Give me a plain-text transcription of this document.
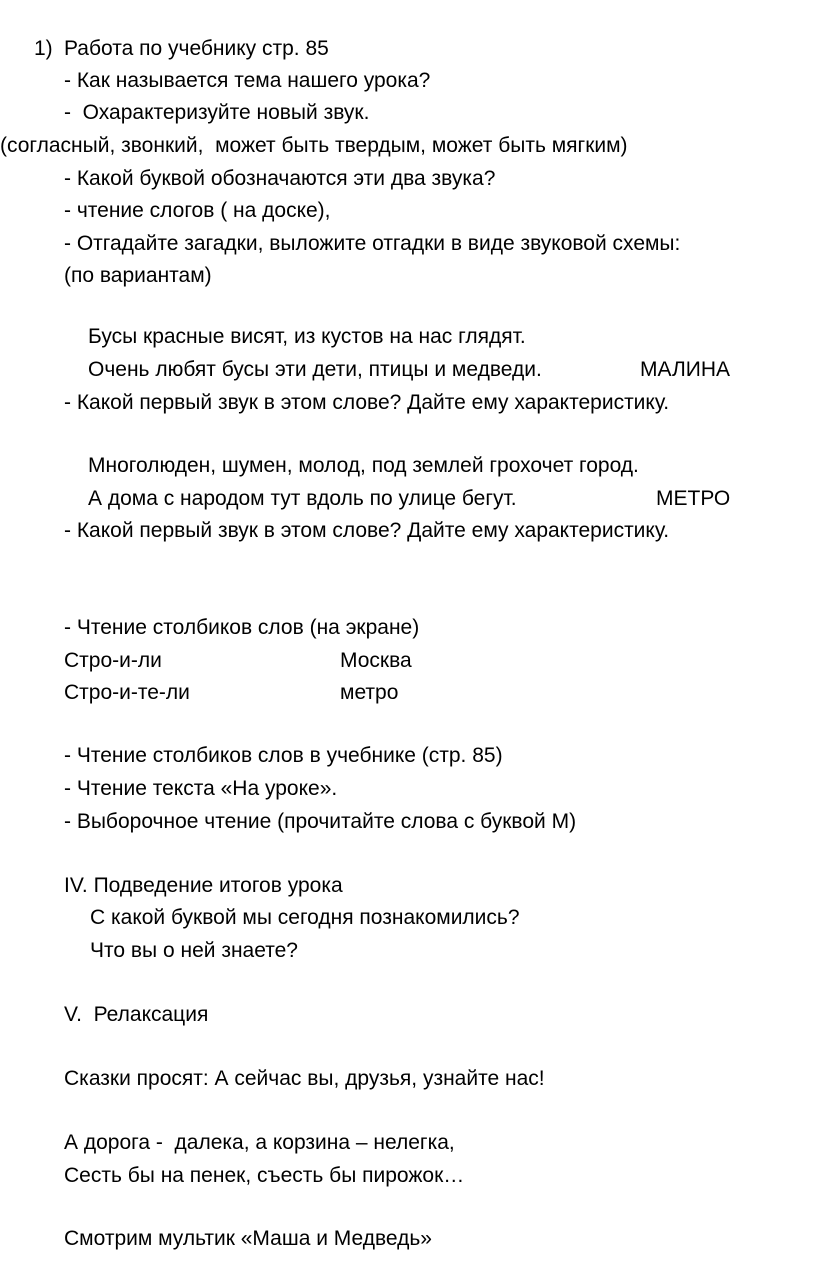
1) Работа по учебнику стр. 85

- Как называется тема нашего урока?

-  Охарактеризуйте новый звук.

(согласный, звонкий,  может быть твердым, может быть мягким)

- Какой буквой обозначаются эти два звука?

- чтение слогов ( на доске),

- Отгадайте загадки, выложите отгадки в виде звуковой схемы:

(по вариантам)

Бусы красные висят, из кустов на нас глядят.

Очень любят бусы эти дети, птицы и медведи.	МАЛИНА

- Какой первый звук в этом слове? Дайте ему характеристику.

Многолюден, шумен, молод, под землей грохочет город.

А дома с народом тут вдоль по улице бегут.	МЕТРО

- Какой первый звук в этом слове? Дайте ему характеристику.

- Чтение столбиков слов (на экране)

Стро-и-ли	Москва

Стро-и-те-ли	метро

- Чтение столбиков слов в учебнике (стр. 85)

- Чтение текста «На уроке».

- Выборочное чтение (прочитайте слова с буквой М)

IV. Подведение итогов урока

С какой буквой мы сегодня познакомились?

Что вы о ней знаете?

V.  Релаксация

Сказки просят: А сейчас вы, друзья, узнайте нас!

А дорога -  далека, а корзина – нелегка,

Сесть бы на пенек, съесть бы пирожок…

Смотрим мультик «Маша и Медведь»
